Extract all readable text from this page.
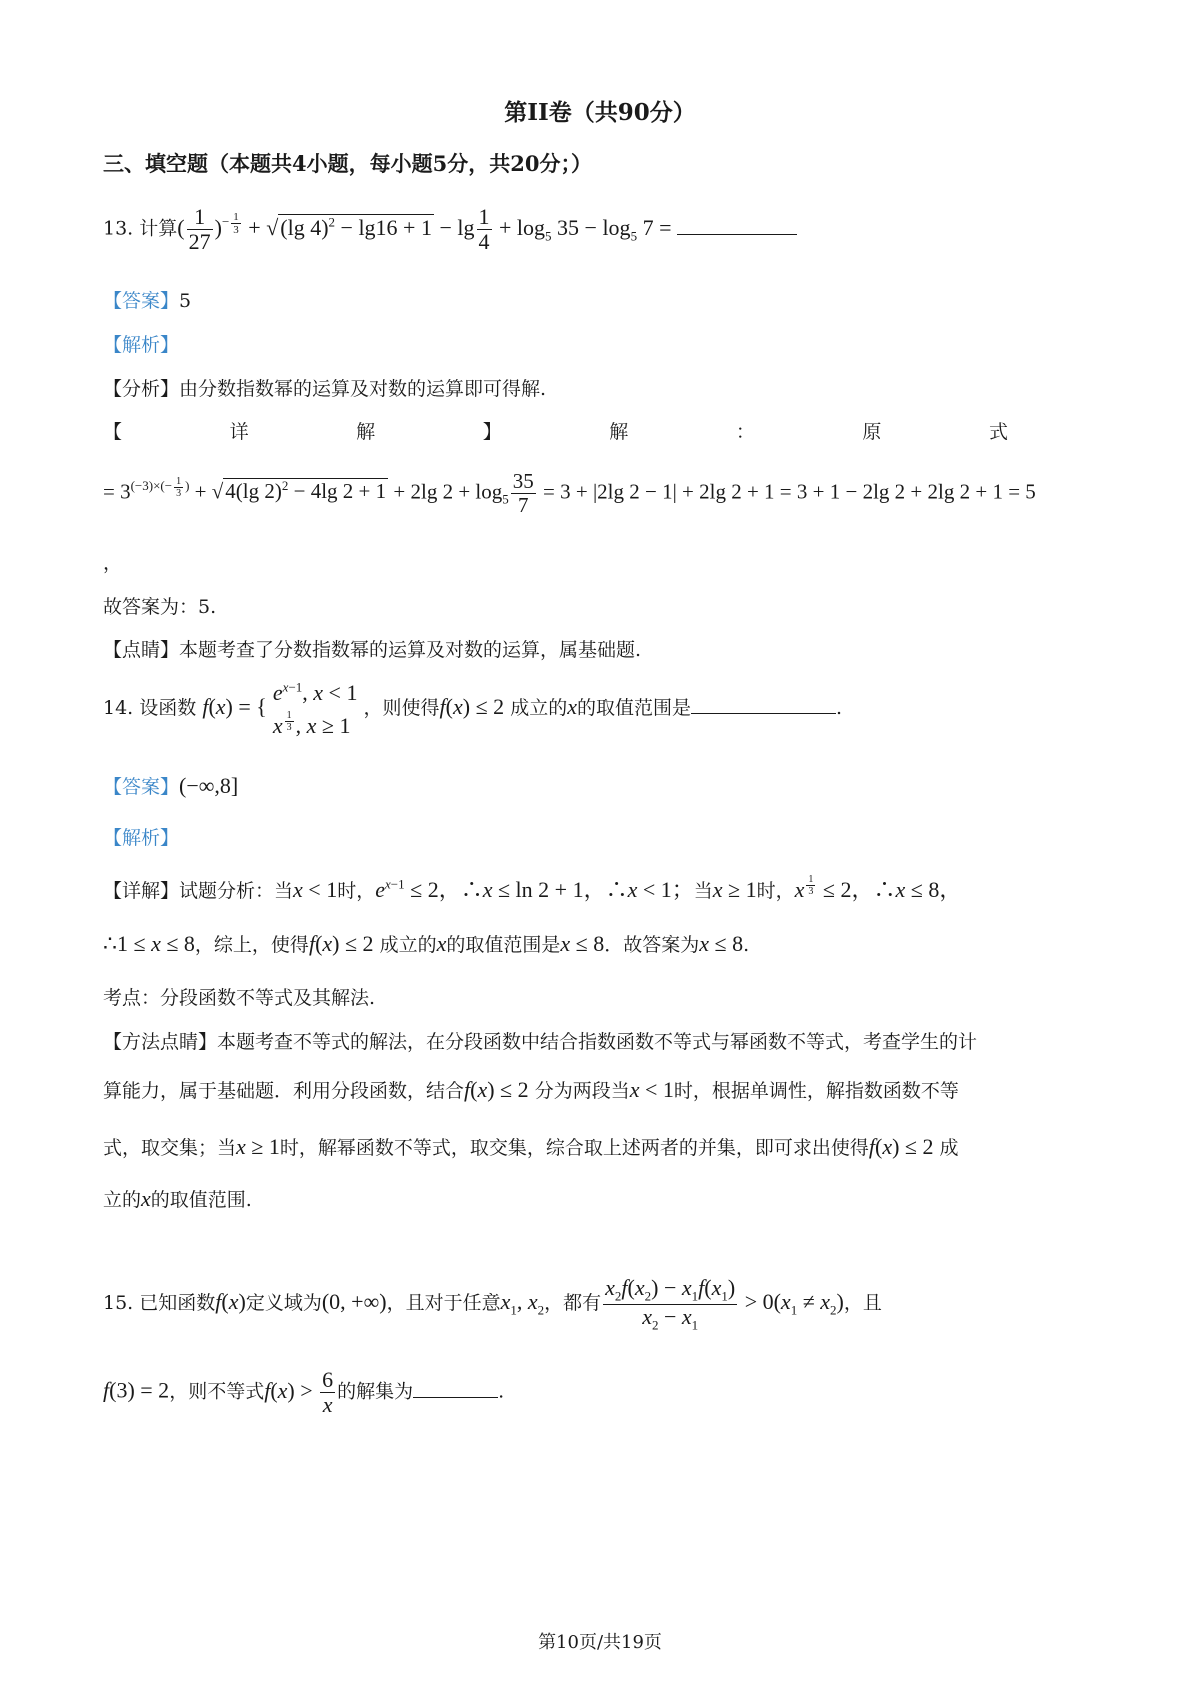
第II卷（共90分）
三、填空题（本题共4小题，每小题5分，共20分；）
13. 计算( $\frac{1}{27} )^{- \frac{1}{3}} + √(\lg$ $4)^2 - \lg 16 + 1 - \lg \frac{1}{4} + \log_5 35 - \log_5 7$ =
【答案】5
【解析】
【分析】由分数指数幂的运算及对数的运算即可得解.
【	详	解	】	解	：	原	式
= $3^{(-3)\times(- \frac{1}{3} )} + √4(\lg$ 2)$^2$ − 4lg 2 + 1 + 2lg $2 + \log_5 \frac{35}{7} = 3 + |2\lg$ 2 − 1| + 2lg 2 + 1 = 3 + 1 − 2lg 2 + 2lg 2 + 1 = 5
，
故答案为：5.
【点睛】本题考查了分数指数幂的运算及对数的运算，属基础题.
14. 设函数 f(x) = {
$e^{x-1}$, x < 1
x $^{\frac{1}{3}}$ , x ≥ 1
，则使得f(x) ≤ 2 成立的x的取值范围是	.
【答案】(−∞,8]
【解析】
【详解】试题分析：当x < 1时，$e^{x-1} \le 2$，∴x ≤ ln 2 + 1，∴x < 1；当x ≥ 1时，x $^{\frac{1}{3}}$ ≤ 2，∴x ≤ 8，
∴1 ≤ x ≤ 8，综上，使得f(x) ≤ 2 成立的x的取值范围是x ≤ 8．故答案为x ≤ 8.
考点：分段函数不等式及其解法.
【方法点睛】本题考查不等式的解法，在分段函数中结合指数函数不等式与幂函数不等式，考查学生的计
算能力，属于基础题．利用分段函数，结合f(x) ≤ 2 分为两段当x < 1时，根据单调性，解指数函数不等
式，取交集；当x ≥ 1时，解幂函数不等式，取交集，综合取上述两者的并集，即可求出使得f(x) ≤ 2 成
立的x的取值范围.
15. 已知函数f(x)定义域为(0, +∞)，且对于任意$x_1$, $x_2$，都有 $\frac{x_2f(x_2) - x_1f(x_1)}{x_2 - x_1} > 0(x_1 \ne x_2)$，且
f(3) = 2，则不等式$f(x) > \frac{6}{x}$ 的解集为	.
第10页/共19页
